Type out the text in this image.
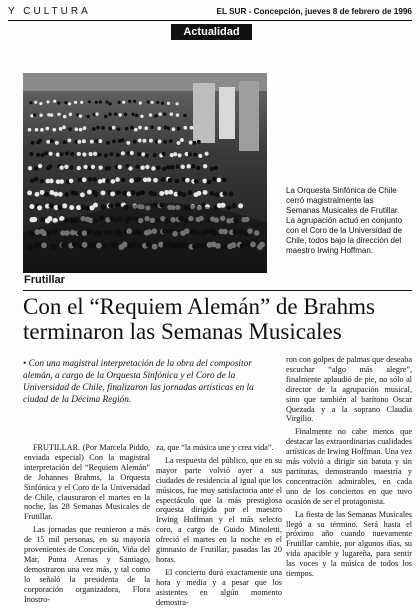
Y CULTURA	EL SUR - Concepción, jueves 8 de febrero de 1996
Actualidad
La Orquesta Sinfónica de Chile cerró magistralmente las Semanas Musicales de Frutillar. La agrupación actuó en conjunto con el Coro de la Universidad de Chile, todos bajo la dirección del maestro Irwing Hoffman.
Frutillar
Con el “Requiem Alemán” de Brahms terminaron las Semanas Musicales
• Con una magistral interpretación de la obra del compositor alemán, a cargo de la Orquesta Sinfónica y el Coro de la Universidad de Chile, finalizaron las jornadas artísticas en la ciudad de la Décima Región.

FRUTILLAR. (Por Marcela Piddo, enviada especial) Con la magistral interpretación del “Requiem Alemán” de Johannes Brahms, la Orquesta Sinfónica y el Coro de la Universidad de Chile, clausuraron el martes en la noche, las 28 Semanas Musicales de Frutillar.

Las jornadas que reunieron a más de 15 mil personas, en su mayoría provenientes de Concepción, Viña del Mar, Punta Arenas y Santiago, demostraron una vez más, y tal como lo señaló la presidenta de la corporación organizadora, Flora Inostro-

za, que “la música une y crea vida”.

La respuesta del público, que en su mayor parte volvió ayer a sus ciudades de residencia al igual que los músicos, fue muy satisfactoria ante el espectáculo que la más prestigiosa orquesta dirigida por el maestro Irwing Hoffman y el más selecto coro, a cargo de Guido Minoletti, ofreció el martes en la noche en el gimnasio de Frutillar, pasadas las 20 horas.

El concierto duró exactamente una hora y media y a pesar que los asistentes en algún momento demostra-

ron con golpes de palmas que deseaba escuchar “algo más alegre”, finalmente aplaudió de pie, no sólo al director de la agrupación musical, sino que también al barítono Oscar Quezada y a la soprano Claudia Virgilio.

Finalmente no cabe menos que destacar las extraordinarias cualidades artísticas de Irwing Hoffman. Una vez más volvió a dirigir sin batuta y sin partituras, demostrando maestría y concentración admirables, en cada uno de los conciertos en que tuvo ocasión de ser el protagonista.

La fiesta de las Semanas Musicales llegó a su término. Será hasta el próximo año cuando nuevamente Frutillar cambie, por algunos días, su vida apacible y lugareña, para sentir las voces y la música de todos los tiempos.
